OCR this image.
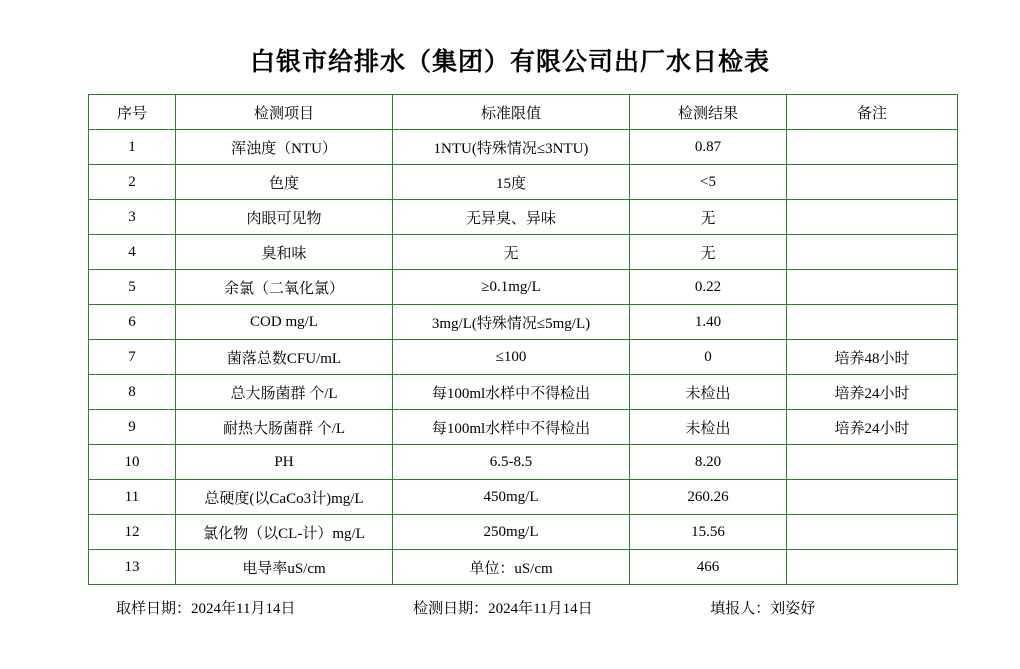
白银市给排水（集团）有限公司出厂水日检表
序号	检测项目	标准限值	检测结果	备注
1	浑浊度（NTU）	1NTU(特殊情况≤3NTU)	0.87	
2	色度	15度	<5	
3	肉眼可见物	无异臭、异味	无	
4	臭和味	无	无	
5	余氯（二氧化氯）	≥0.1mg/L	0.22	
6	COD mg/L	3mg/L(特殊情况≤5mg/L)	1.40	
7	菌落总数CFU/mL	≤100	0	培养48小时
8	总大肠菌群 个/L	每100ml水样中不得检出	未检出	培养24小时
9	耐热大肠菌群 个/L	每100ml水样中不得检出	未检出	培养24小时
10	PH	6.5-8.5	8.20	
11	总硬度(以CaCo3计)mg/L	450mg/L	260.26	
12	氯化物（以CL-计）mg/L	250mg/L	15.56	
13	电导率uS/cm	单位：uS/cm	466	
取样日期：2024年11月14日	检测日期：2024年11月14日	填报人：刘姿妤
